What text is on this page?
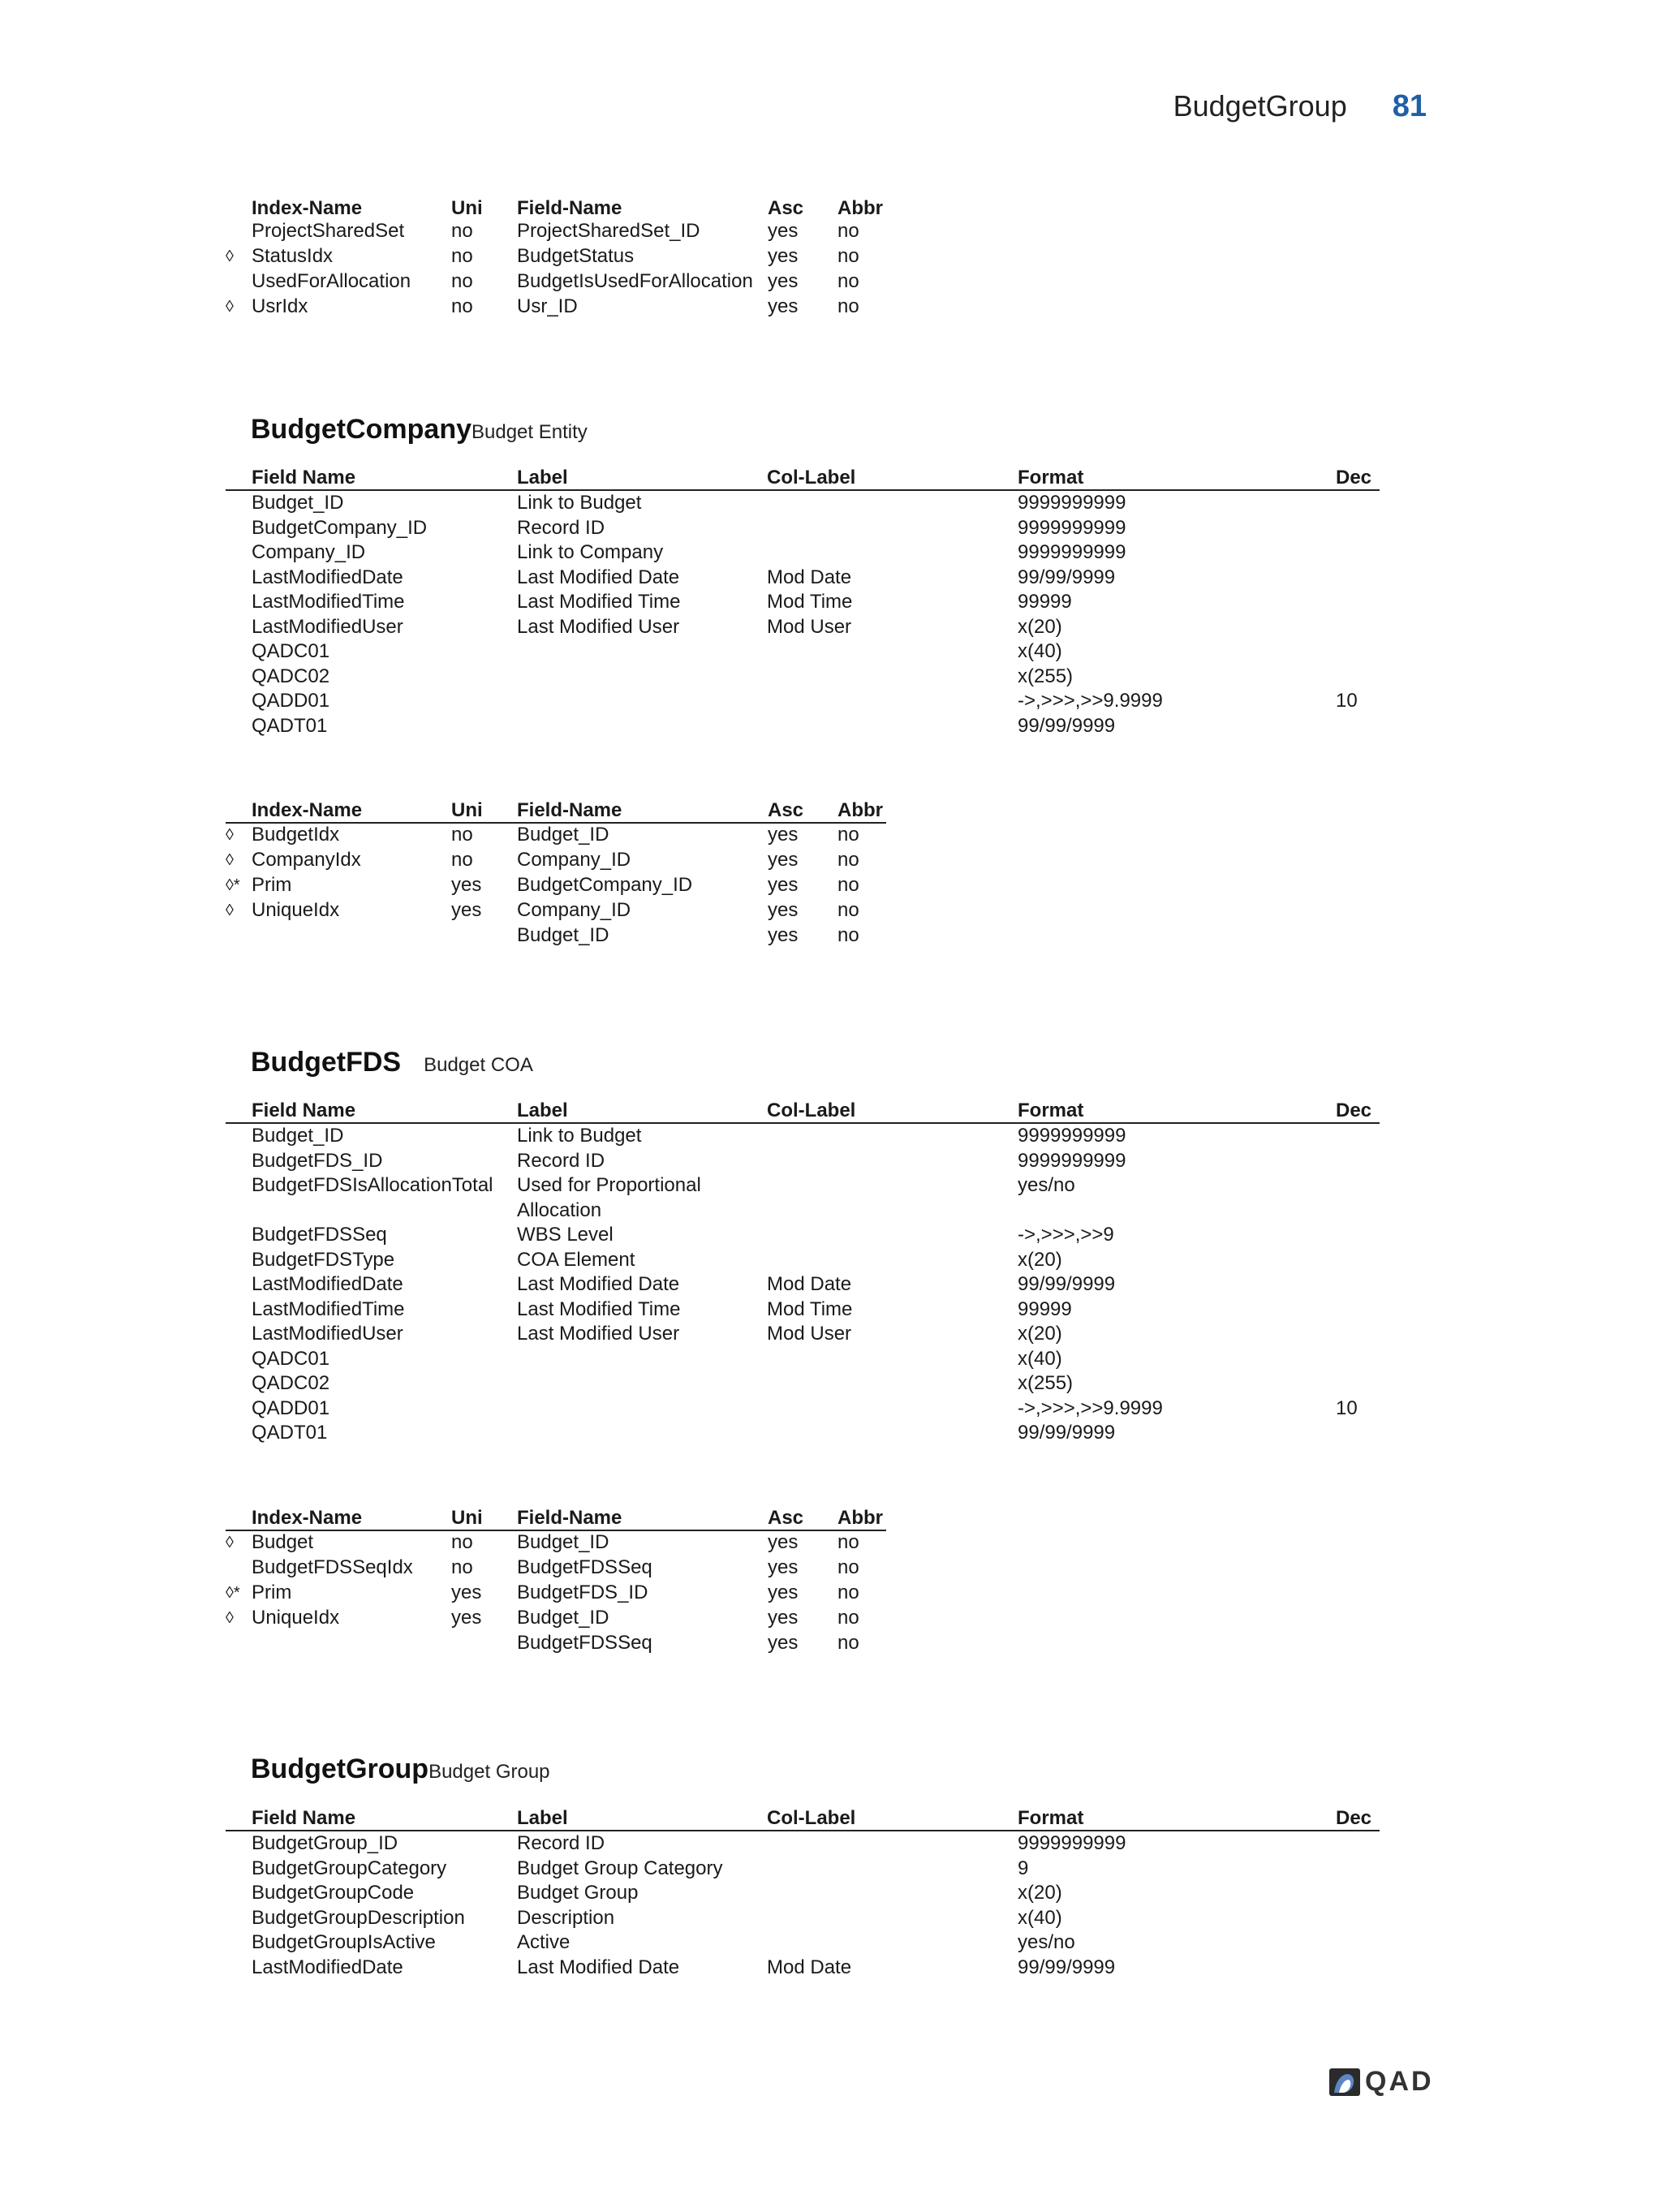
BudgetGroup 81
	Index-Name	Uni	Field-Name	Asc	Abbr
	ProjectSharedSet	no	ProjectSharedSet_ID	yes	no
◊	StatusIdx	no	BudgetStatus	yes	no
	UsedForAllocation	no	BudgetIsUsedForAllocation	yes	no
◊	UsrIdx	no	Usr_ID	yes	no
BudgetCompany Budget Entity
	Field Name	Label	Col-Label	Format	Dec
	Budget_ID	Link to Budget		9999999999	
	BudgetCompany_ID	Record ID		9999999999	
	Company_ID	Link to Company		9999999999	
	LastModifiedDate	Last Modified Date	Mod Date	99/99/9999	
	LastModifiedTime	Last Modified Time	Mod Time	99999	
	LastModifiedUser	Last Modified User	Mod User	x(20)	
	QADC01			x(40)	
	QADC02			x(255)	
	QADD01			->,>>>,>>9.9999	10
	QADT01			99/99/9999	
	Index-Name	Uni	Field-Name	Asc	Abbr
◊	BudgetIdx	no	Budget_ID	yes	no
◊	CompanyIdx	no	Company_ID	yes	no
◊*	Prim	yes	BudgetCompany_ID	yes	no
◊	UniqueIdx	yes	Company_ID	yes	no
			Budget_ID	yes	no
BudgetFDS Budget COA
	Field Name	Label	Col-Label	Format	Dec
	Budget_ID	Link to Budget		9999999999	
	BudgetFDS_ID	Record ID		9999999999	
	BudgetFDSIsAllocationTotal	Used for Proportional Allocation		yes/no	
	BudgetFDSSeq	WBS Level		->,>>>,>>9	
	BudgetFDSType	COA Element		x(20)	
	LastModifiedDate	Last Modified Date	Mod Date	99/99/9999	
	LastModifiedTime	Last Modified Time	Mod Time	99999	
	LastModifiedUser	Last Modified User	Mod User	x(20)	
	QADC01			x(40)	
	QADC02			x(255)	
	QADD01			->,>>>,>>9.9999	10
	QADT01			99/99/9999	
	Index-Name	Uni	Field-Name	Asc	Abbr
◊	Budget	no	Budget_ID	yes	no
	BudgetFDSSeqIdx	no	BudgetFDSSeq	yes	no
◊*	Prim	yes	BudgetFDS_ID	yes	no
◊	UniqueIdx	yes	Budget_ID	yes	no
			BudgetFDSSeq	yes	no
BudgetGroup Budget Group
	Field Name	Label	Col-Label	Format	Dec
	BudgetGroup_ID	Record ID		9999999999	
	BudgetGroupCategory	Budget Group Category		9	
	BudgetGroupCode	Budget Group		x(20)	
	BudgetGroupDescription	Description		x(40)	
	BudgetGroupIsActive	Active		yes/no	
	LastModifiedDate	Last Modified Date	Mod Date	99/99/9999	
QAD
